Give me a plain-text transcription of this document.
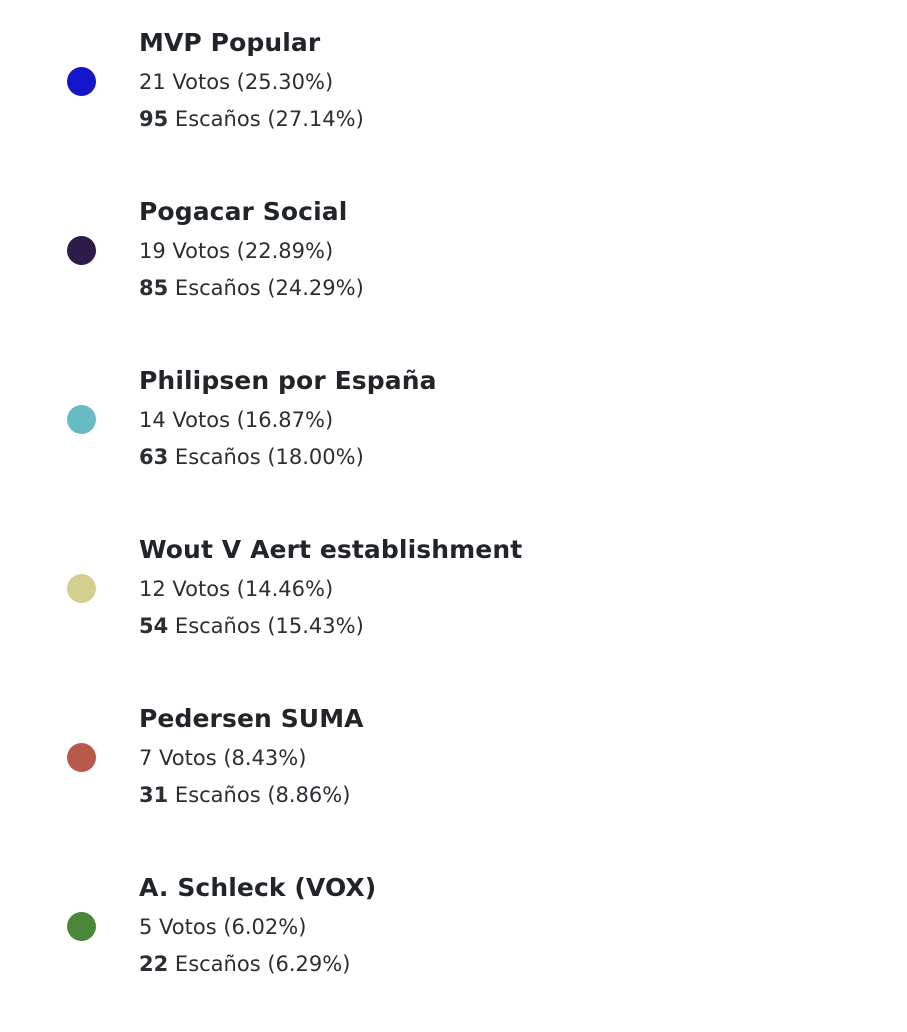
MVP Popular
21 Votos (25.30%)
95 Escaños (27.14%)
Pogacar Social
19 Votos (22.89%)
85 Escaños (24.29%)
Philipsen por España
14 Votos (16.87%)
63 Escaños (18.00%)
Wout V Aert establishment
12 Votos (14.46%)
54 Escaños (15.43%)
Pedersen SUMA
7 Votos (8.43%)
31 Escaños (8.86%)
A. Schleck (VOX)
5 Votos (6.02%)
22 Escaños (6.29%)
